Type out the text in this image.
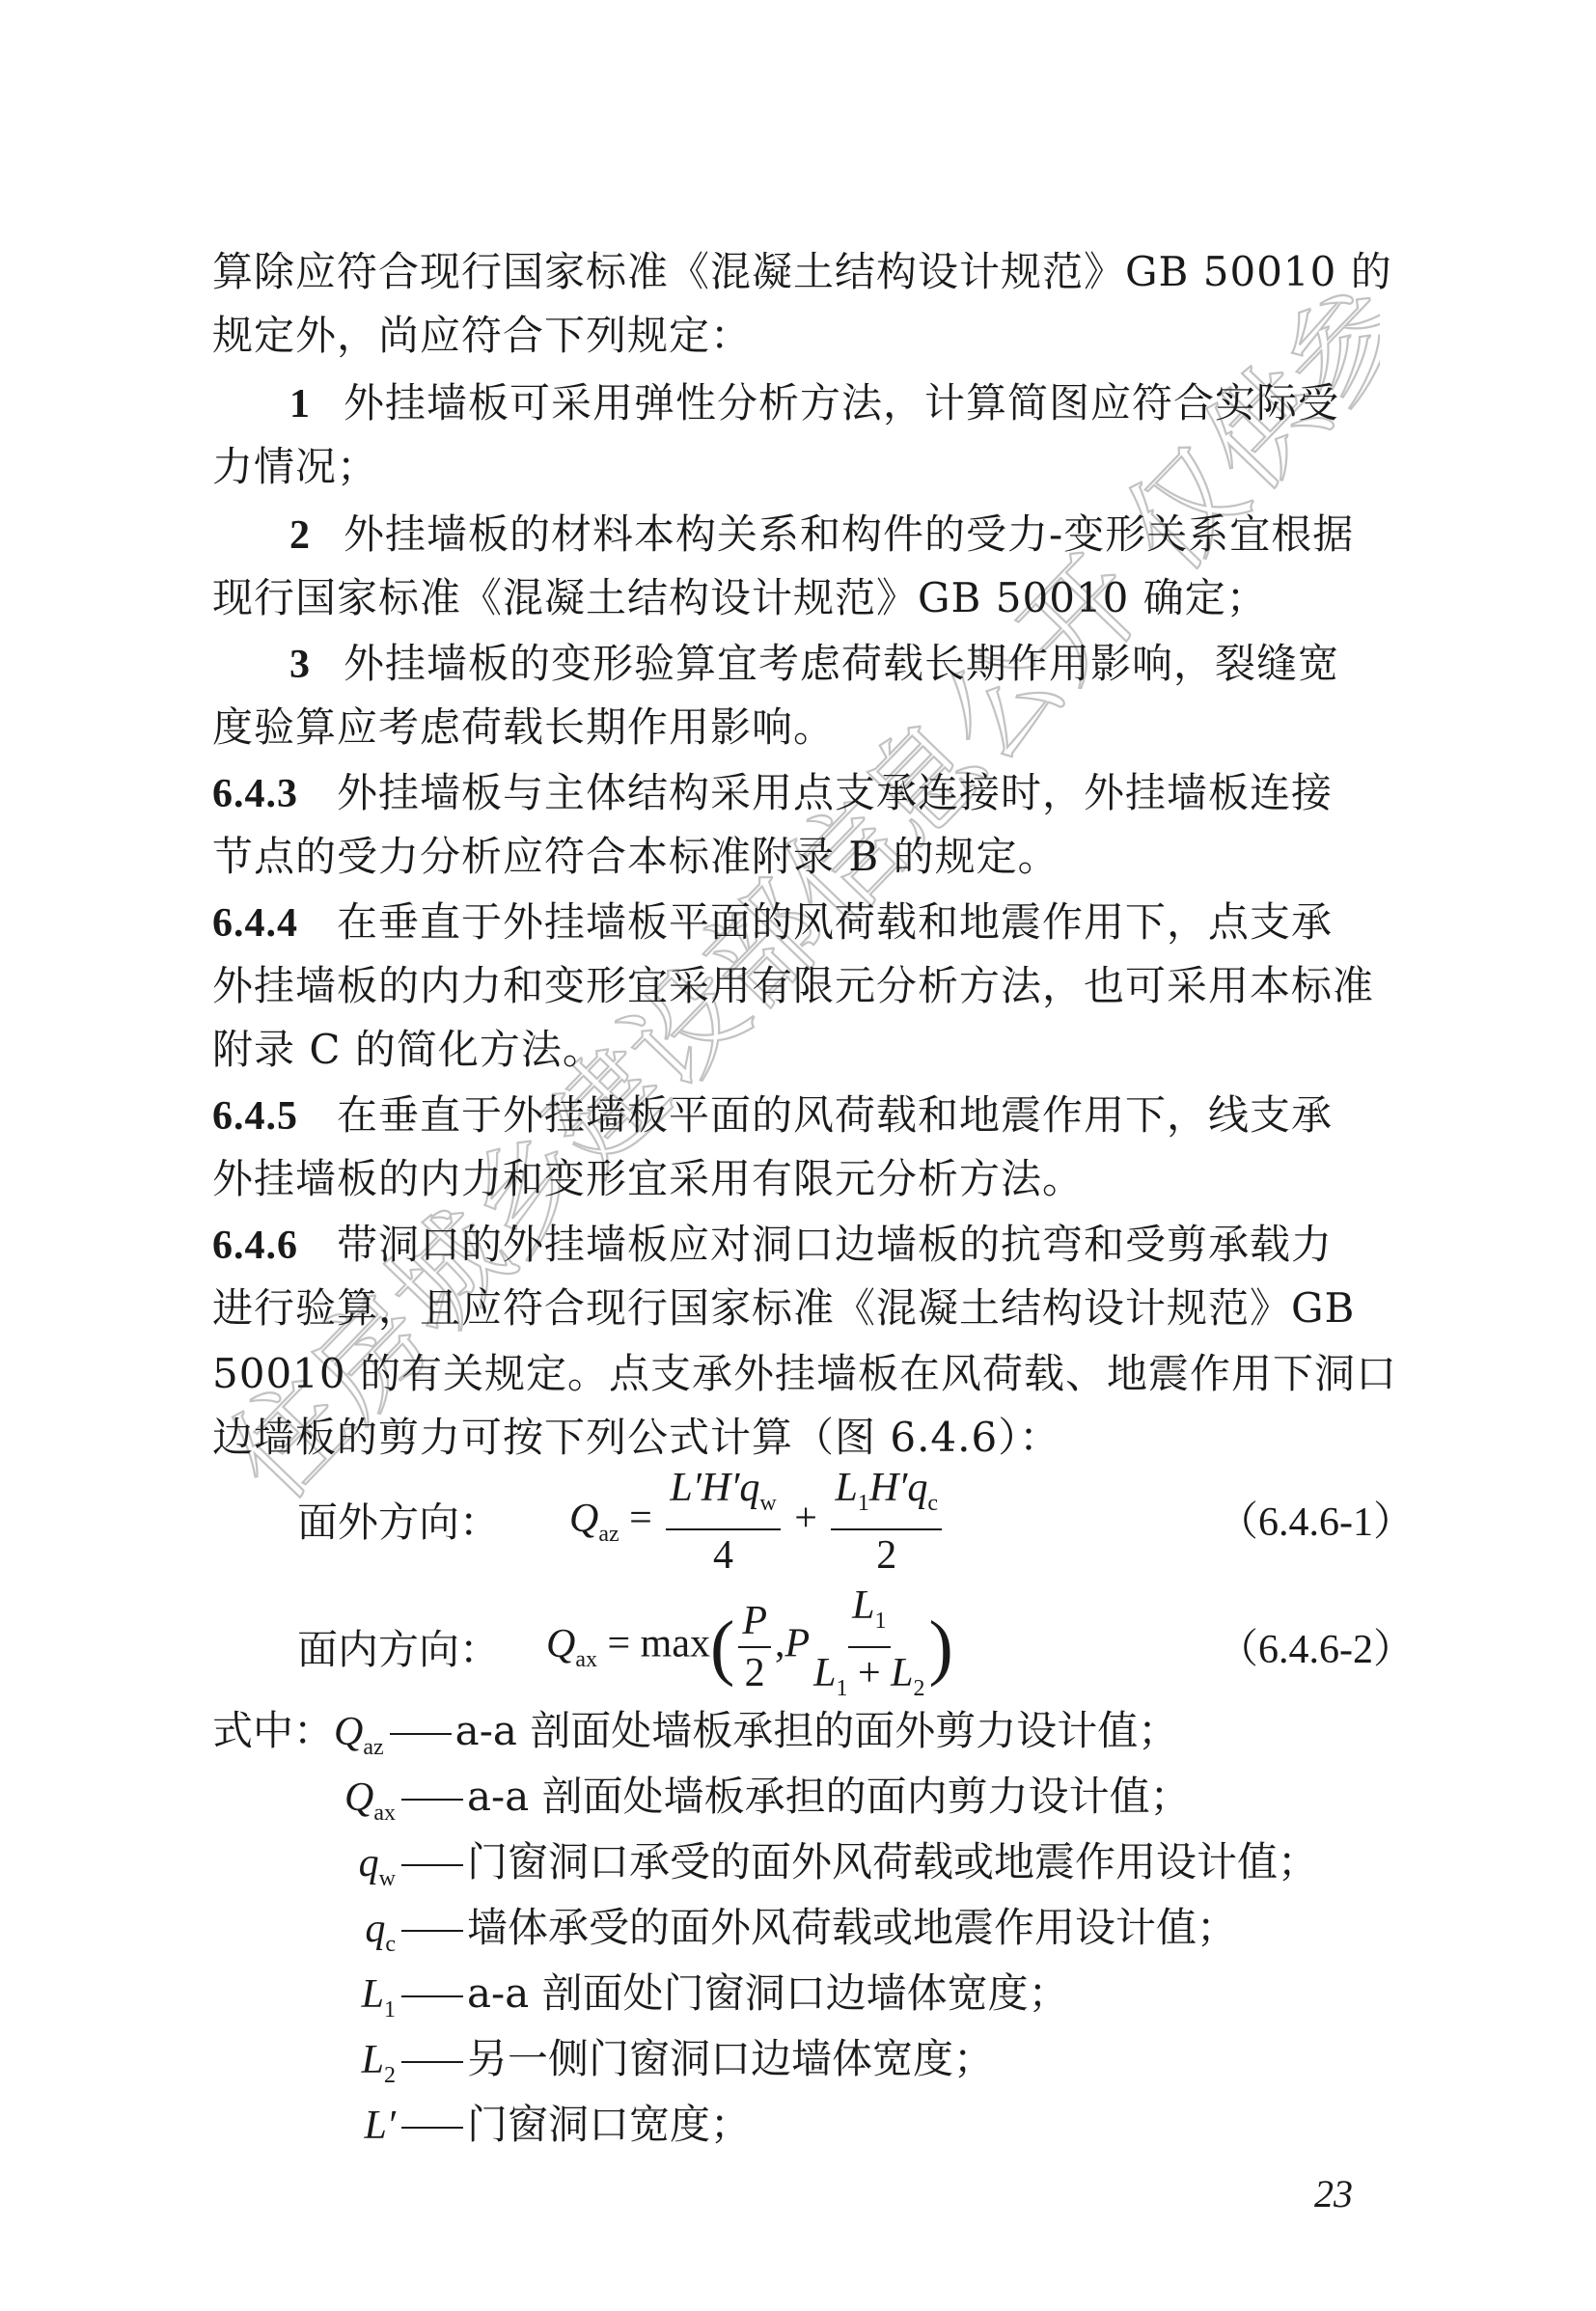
住房城乡建设部信息公开 仅供参考
算除应符合现行国家标准《混凝土结构设计规范》GB 50010 的
规定外，尚应符合下列规定：
1 外挂墙板可采用弹性分析方法，计算简图应符合实际受
力情况；
2 外挂墙板的材料本构关系和构件的受力-变形关系宜根据
现行国家标准《混凝土结构设计规范》GB 50010 确定；
3 外挂墙板的变形验算宜考虑荷载长期作用影响，裂缝宽
度验算应考虑荷载长期作用影响。
6.4.3 外挂墙板与主体结构采用点支承连接时，外挂墙板连接
节点的受力分析应符合本标准附录 B 的规定。
6.4.4 在垂直于外挂墙板平面的风荷载和地震作用下，点支承
外挂墙板的内力和变形宜采用有限元分析方法，也可采用本标准
附录 C 的简化方法。
6.4.5 在垂直于外挂墙板平面的风荷载和地震作用下，线支承
外挂墙板的内力和变形宜采用有限元分析方法。
6.4.6 带洞口的外挂墙板应对洞口边墙板的抗弯和受剪承载力
进行验算，且应符合现行国家标准《混凝土结构设计规范》GB
50010 的有关规定。点支承外挂墙板在风荷载、地震作用下洞口
边墙板的剪力可按下列公式计算（图 6.4.6）：
面外方向： $Q_{az} = \frac{L'H'q_w}{4} + \frac{L_1H'q_c}{2}$	（6.4.6-1）
面内方向： $Q_{ax} = \max( \frac{P}{2} ,P \frac{L_1}{L_1 + L_2}$ )	（6.4.6-2）
式中：$Q_{az}$ a-a 剖面处墙板承担的面外剪力设计值；
$Q_{ax}$ a-a 剖面处墙板承担的面内剪力设计值；
$q_w$ 门窗洞口承受的面外风荷载或地震作用设计值；
$q_c$ 墙体承受的面外风荷载或地震作用设计值；
$L_1$ a-a 剖面处门窗洞口边墙体宽度；
$L_2$ 另一侧门窗洞口边墙体宽度；
L′ 门窗洞口宽度；
23
